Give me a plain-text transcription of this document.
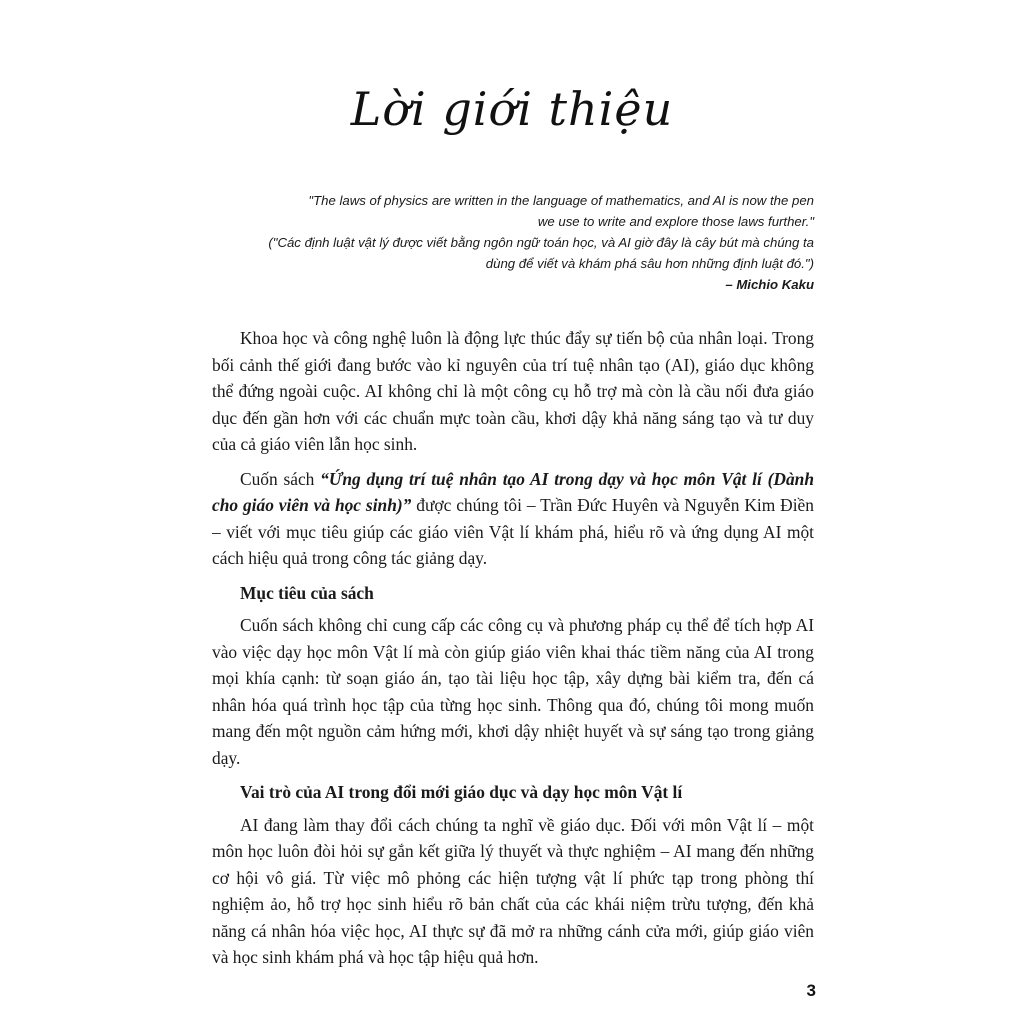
Lời giới thiệu
"The laws of physics are written in the language of mathematics, and AI is now the pen
we use to write and explore those laws further."
("Các định luật vật lý được viết bằng ngôn ngữ toán học, và AI giờ đây là cây bút mà chúng ta
dùng để viết và khám phá sâu hơn những định luật đó.")
– Michio Kaku

Khoa học và công nghệ luôn là động lực thúc đẩy sự tiến bộ của nhân loại. Trong bối cảnh thế giới đang bước vào kỉ nguyên của trí tuệ nhân tạo (AI), giáo dục không thể đứng ngoài cuộc. AI không chỉ là một công cụ hỗ trợ mà còn là cầu nối đưa giáo dục đến gần hơn với các chuẩn mực toàn cầu, khơi dậy khả năng sáng tạo và tư duy của cả giáo viên lẫn học sinh.

Cuốn sách “Ứng dụng trí tuệ nhân tạo AI trong dạy và học môn Vật lí (Dành cho giáo viên và học sinh)” được chúng tôi – Trần Đức Huyên và Nguyễn Kim Điền – viết với mục tiêu giúp các giáo viên Vật lí khám phá, hiểu rõ và ứng dụng AI một cách hiệu quả trong công tác giảng dạy.

Mục tiêu của sách

Cuốn sách không chỉ cung cấp các công cụ và phương pháp cụ thể để tích hợp AI vào việc dạy học môn Vật lí mà còn giúp giáo viên khai thác tiềm năng của AI trong mọi khía cạnh: từ soạn giáo án, tạo tài liệu học tập, xây dựng bài kiểm tra, đến cá nhân hóa quá trình học tập của từng học sinh. Thông qua đó, chúng tôi mong muốn mang đến một nguồn cảm hứng mới, khơi dậy nhiệt huyết và sự sáng tạo trong giảng dạy.

Vai trò của AI trong đổi mới giáo dục và dạy học môn Vật lí

AI đang làm thay đổi cách chúng ta nghĩ về giáo dục. Đối với môn Vật lí – một môn học luôn đòi hỏi sự gắn kết giữa lý thuyết và thực nghiệm – AI mang đến những cơ hội vô giá. Từ việc mô phỏng các hiện tượng vật lí phức tạp trong phòng thí nghiệm ảo, hỗ trợ học sinh hiểu rõ bản chất của các khái niệm trừu tượng, đến khả năng cá nhân hóa việc học, AI thực sự đã mở ra những cánh cửa mới, giúp giáo viên và học sinh khám phá và học tập hiệu quả hơn.

3
